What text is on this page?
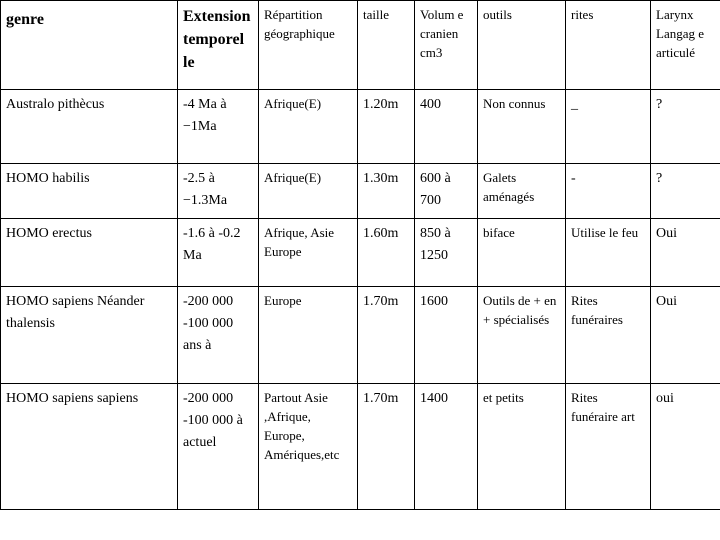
genre	Extension temporel le	Répartition géographique	taille	Volum e cranien cm3	outils	rites	Larynx Langag e articulé
Australo pithècus	-4 Ma à −1Ma	Afrique(E)	1.20m	400	Non connus	_	?
HOMO habilis	-2.5 à −1.3Ma	Afrique(E)	1.30m	600 à 700	Galets aménagés	-	?
HOMO erectus	-1.6 à -0.2 Ma	Afrique, Asie Europe	1.60m	850 à 1250	biface	Utilise le feu	Oui
HOMO sapiens Néander thalensis	-200 000 -100 000 ans à	Europe	1.70m	1600	Outils de + en + spécialisés	Rites funéraires	Oui
HOMO sapiens sapiens	-200 000 -100 000 à actuel	Partout Asie ,Afrique, Europe, Amériques,etc	1.70m	1400	et petits	Rites funéraire art	oui
